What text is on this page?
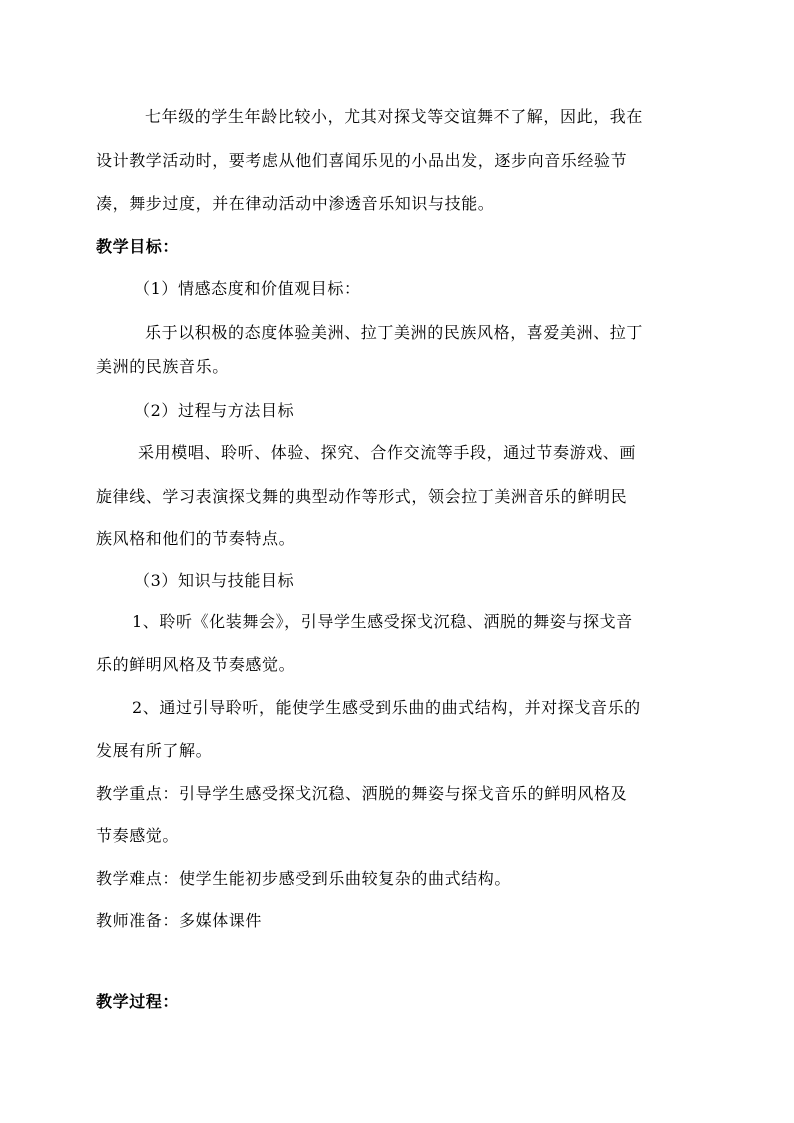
七年级的学生年龄比较小，尤其对探戈等交谊舞不了解，因此，我在
设计教学活动时，要考虑从他们喜闻乐见的小品出发，逐步向音乐经验节
凑，舞步过度，并在律动活动中渗透音乐知识与技能。
教学目标：
（1）情感态度和价值观目标：
乐于以积极的态度体验美洲、拉丁美洲的民族风格，喜爱美洲、拉丁
美洲的民族音乐。
（2）过程与方法目标
采用模唱、聆听、体验、探究、合作交流等手段，通过节奏游戏、画
旋律线、学习表演探戈舞的典型动作等形式，领会拉丁美洲音乐的鲜明民
族风格和他们的节奏特点。
（3）知识与技能目标
1、聆听《化装舞会》，引导学生感受探戈沉稳、洒脱的舞姿与探戈音
乐的鲜明风格及节奏感觉。
2、通过引导聆听，能使学生感受到乐曲的曲式结构，并对探戈音乐的
发展有所了解。
教学重点：引导学生感受探戈沉稳、洒脱的舞姿与探戈音乐的鲜明风格及
节奏感觉。
教学难点：使学生能初步感受到乐曲较复杂的曲式结构。
教师准备：多媒体课件
教学过程：
